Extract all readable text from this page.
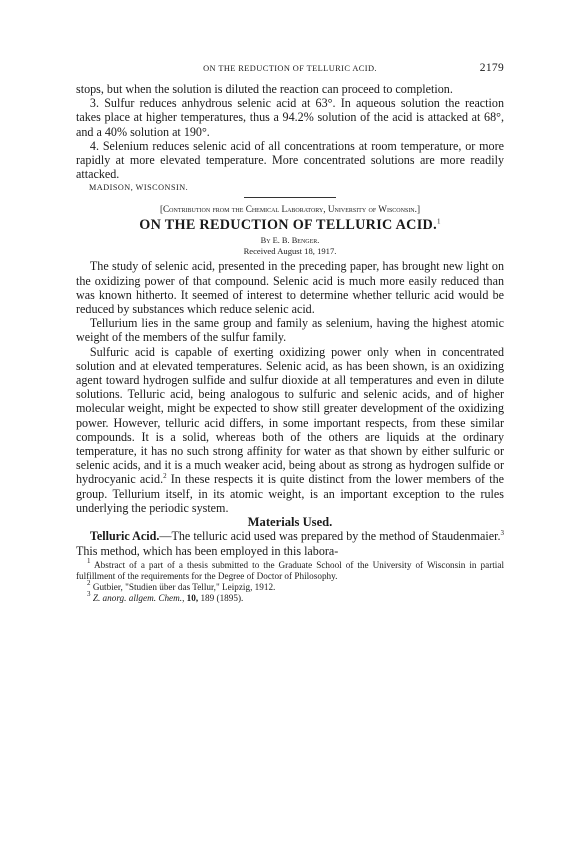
ON THE REDUCTION OF TELLURIC ACID.	2179

stops, but when the solution is diluted the reaction can proceed to completion.

3. Sulfur reduces anhydrous selenic acid at 63°. In aqueous solution the reaction takes place at higher temperatures, thus a 94.2% solution of the acid is attacked at 68°, and a 40% solution at 190°.

4. Selenium reduces selenic acid of all concentrations at room temperature, or more rapidly at more elevated temperature. More concentrated solutions are more readily attacked.

MADISON, WISCONSIN.
[Contribution from the Chemical Laboratory, University of Wisconsin.]
ON THE REDUCTION OF TELLURIC ACID.$^1$
By E. B. Benger.
Received August 18, 1917.

The study of selenic acid, presented in the preceding paper, has brought new light on the oxidizing power of that compound. Selenic acid is much more easily reduced than was known hitherto. It seemed of interest to determine whether telluric acid would be reduced by substances which reduce selenic acid.

Tellurium lies in the same group and family as selenium, having the highest atomic weight of the members of the sulfur family.

Sulfuric acid is capable of exerting oxidizing power only when in concentrated solution and at elevated temperatures. Selenic acid, as has been shown, is an oxidizing agent toward hydrogen sulfide and sulfur dioxide at all temperatures and even in dilute solutions. Telluric acid, being analogous to sulfuric and selenic acids, and of higher molecular weight, might be expected to show still greater development of the oxidizing power. However, telluric acid differs, in some important respects, from these similar compounds. It is a solid, whereas both of the others are liquids at the ordinary temperature, it has no such strong affinity for water as that shown by either sulfuric or selenic acids, and it is a much weaker acid, being about as strong as hydrogen sulfide or hydrocyanic acid.$^2$ In these respects it is quite distinct from the lower members of the group. Tellurium itself, in its atomic weight, is an important exception to the rules underlying the periodic system.

Materials Used.

Telluric Acid.—The telluric acid used was prepared by the method of Staudenmaier.$^3$ This method, which has been employed in this labora-

$^1$ Abstract of a part of a thesis submitted to the Graduate School of the University of Wisconsin in partial fulfillment of the requirements for the Degree of Doctor of Philosophy.

$^2$ Gutbier, "Studien über das Tellur," Leipzig, 1912.

$^3$ Z. anorg. allgem. Chem., 10, 189 (1895).
